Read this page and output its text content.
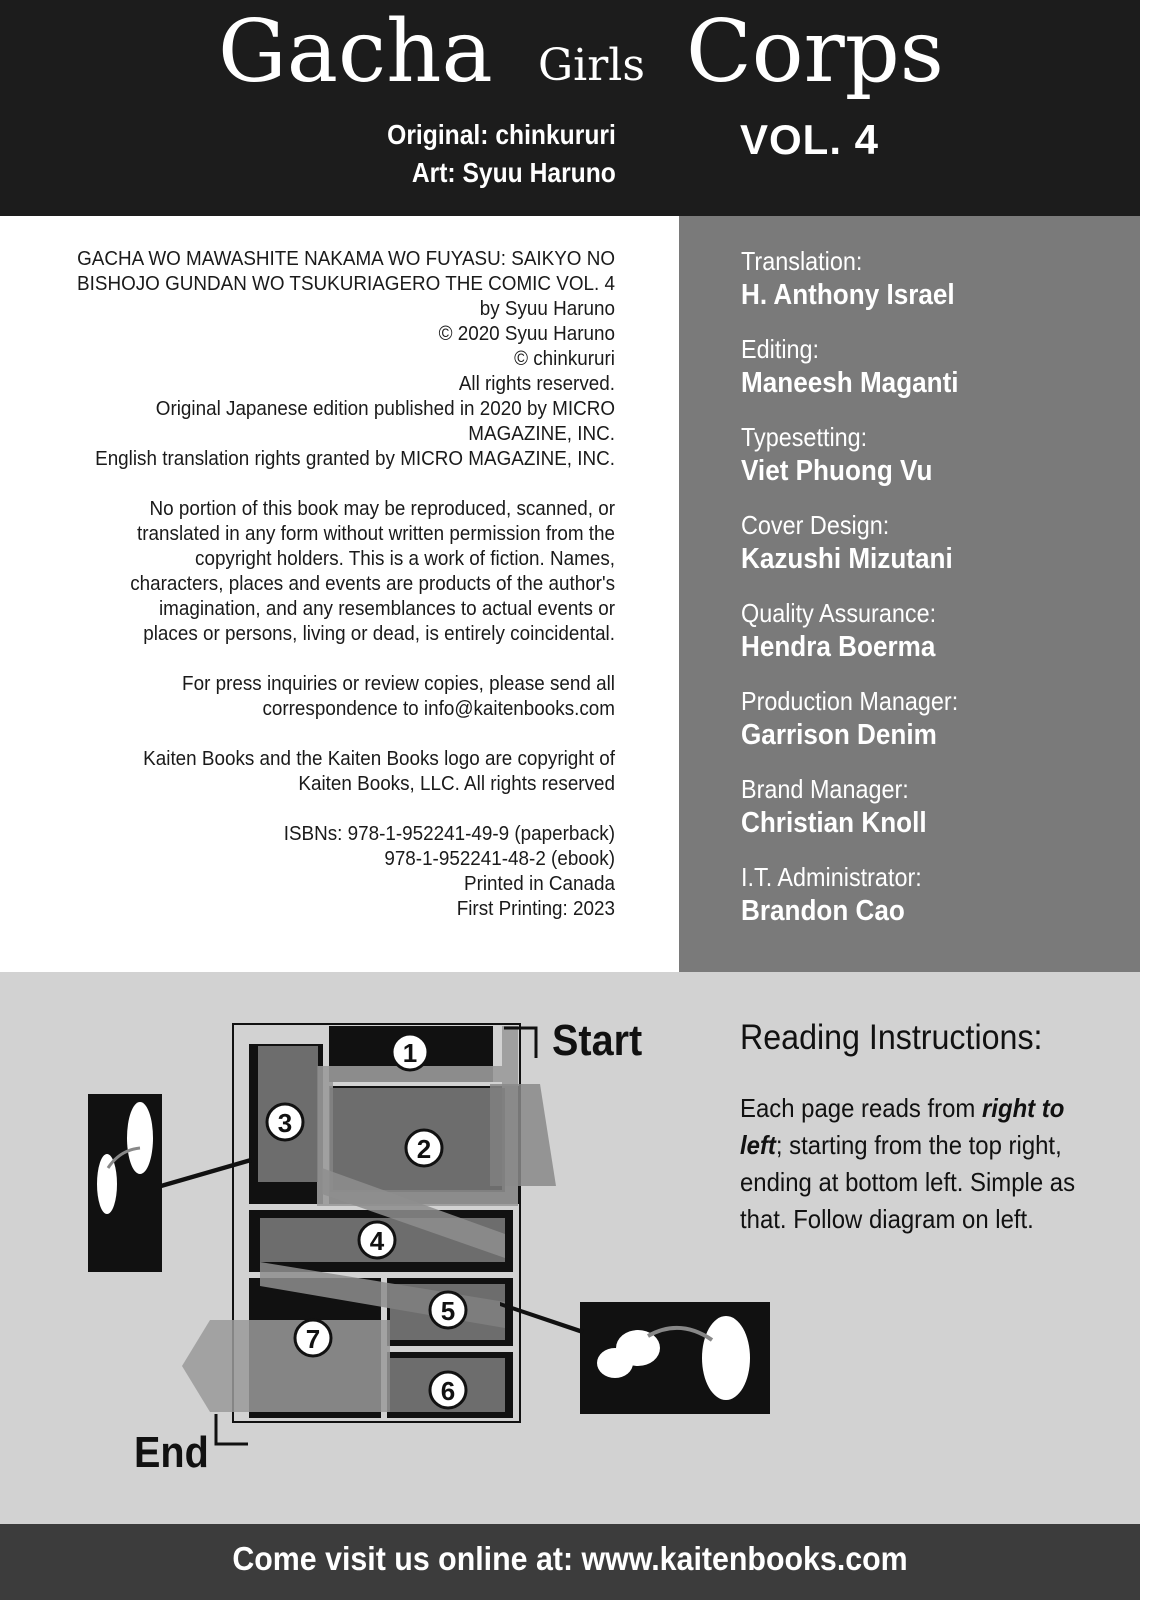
Gacha Girls Corps
Original: chinkururi
Art: Syuu Haruno
VOL. 4

GACHA WO MAWASHITE NAKAMA WO FUYASU: SAIKYO NO
BISHOJO GUNDAN WO TSUKURIAGERO THE COMIC VOL. 4
by Syuu Haruno
© 2020 Syuu Haruno
© chinkururi
All rights reserved.
Original Japanese edition published in 2020 by MICRO
MAGAZINE, INC.
English translation rights granted by MICRO MAGAZINE, INC.

No portion of this book may be reproduced, scanned, or
translated in any form without written permission from the
copyright holders. This is a work of fiction. Names,
characters, places and events are products of the author's
imagination, and any resemblances to actual events or
places or persons, living or dead, is entirely coincidental.

For press inquiries or review copies, please send all
correspondence to info@kaitenbooks.com

Kaiten Books and the Kaiten Books logo are copyright of
Kaiten Books, LLC. All rights reserved

ISBNs: 978-1-952241-49-9 (paperback)
978-1-952241-48-2 (ebook)
Printed in Canada
First Printing: 2023

Translation:
H. Anthony Israel
Editing:
Maneesh Maganti
Typesetting:
Viet Phuong Vu
Cover Design:
Kazushi Mizutani
Quality Assurance:
Hendra Boerma
Production Manager:
Garrison Denim
Brand Manager:
Christian Knoll
I.T. Administrator:
Brandon Cao
1
2
3
4
5
6
7
Start
End
Reading Instructions:
Each page reads from right to left; starting from the top right, ending at bottom left. Simple as that. Follow diagram on left.
Come visit us online at: www.kaitenbooks.com
